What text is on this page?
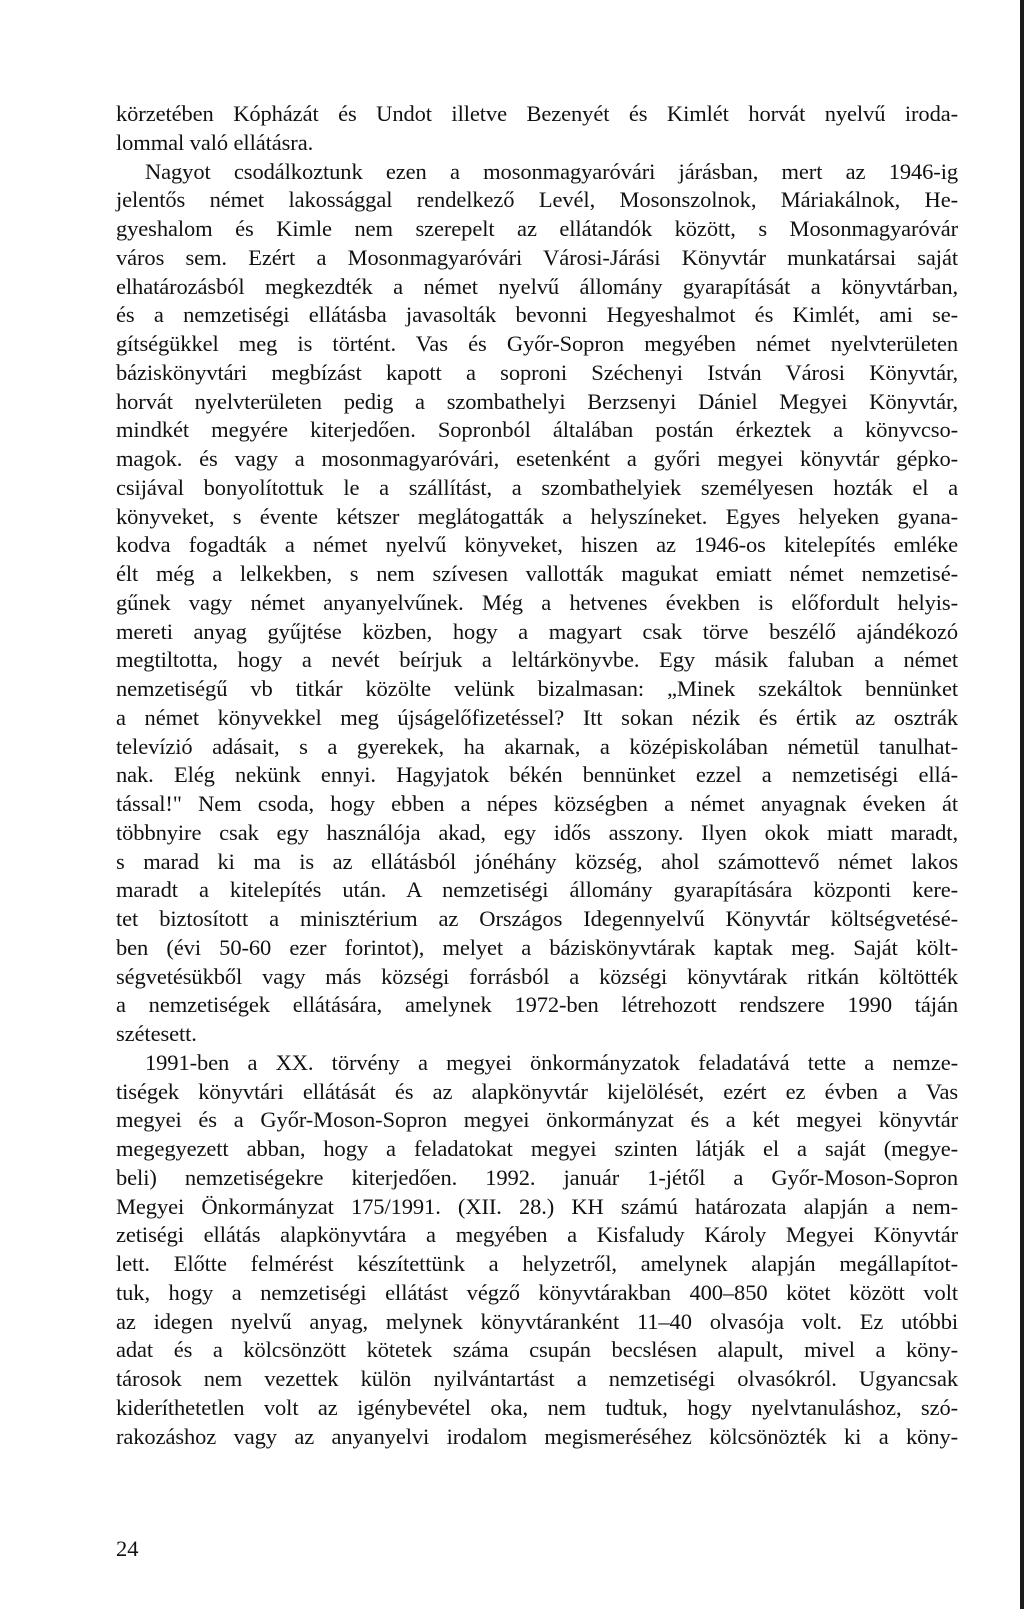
körzetében Kópházát és Undot illetve Bezenyét és Kimlét horvát nyelvű iroda-
lommal való ellátásra.
Nagyot csodálkoztunk ezen a mosonmagyaróvári járásban, mert az 1946-ig
jelentős német lakossággal rendelkező Levél, Mosonszolnok, Máriakálnok, He-
gyeshalom és Kimle nem szerepelt az ellátandók között, s Mosonmagyaróvár
város sem. Ezért a Mosonmagyaróvári Városi-Járási Könyvtár munkatársai saját
elhatározásból megkezdték a német nyelvű állomány gyarapítását a könyvtárban,
és a nemzetiségi ellátásba javasolták bevonni Hegyeshalmot és Kimlét, ami se-
gítségükkel meg is történt. Vas és Győr-Sopron megyében német nyelvterületen
báziskönyvtári megbízást kapott a soproni Széchenyi István Városi Könyvtár,
horvát nyelvterületen pedig a szombathelyi Berzsenyi Dániel Megyei Könyvtár,
mindkét megyére kiterjedően. Sopronból általában postán érkeztek a könyvcso-
magok. és vagy a mosonmagyaróvári, esetenként a győri megyei könyvtár gépko-
csijával bonyolítottuk le a szállítást, a szombathelyiek személyesen hozták el a
könyveket, s évente kétszer meglátogatták a helyszíneket. Egyes helyeken gyana-
kodva fogadták a német nyelvű könyveket, hiszen az 1946-os kitelepítés emléke
élt még a lelkekben, s nem szívesen vallották magukat emiatt német nemzetisé-
gűnek vagy német anyanyelvűnek. Még a hetvenes években is előfordult helyis-
mereti anyag gyűjtése közben, hogy a magyart csak törve beszélő ajándékozó
megtiltotta, hogy a nevét beírjuk a leltárkönyvbe. Egy másik faluban a német
nemzetiségű vb titkár közölte velünk bizalmasan: „Minek szekáltok bennünket
a német könyvekkel meg újságelőfizetéssel? Itt sokan nézik és értik az osztrák
televízió adásait, s a gyerekek, ha akarnak, a középiskolában németül tanulhat-
nak. Elég nekünk ennyi. Hagyjatok békén bennünket ezzel a nemzetiségi ellá-
tással!" Nem csoda, hogy ebben a népes községben a német anyagnak éveken át
többnyire csak egy használója akad, egy idős asszony. Ilyen okok miatt maradt,
s marad ki ma is az ellátásból jónéhány község, ahol számottevő német lakos
maradt a kitelepítés után. A nemzetiségi állomány gyarapítására központi kere-
tet biztosított a minisztérium az Országos Idegennyelvű Könyvtár költségvetésé-
ben (évi 50-60 ezer forintot), melyet a báziskönyvtárak kaptak meg. Saját költ-
ségvetésükből vagy más községi forrásból a községi könyvtárak ritkán költötték
a nemzetiségek ellátására, amelynek 1972-ben létrehozott rendszere 1990 táján
szétesett.
1991-ben a XX. törvény a megyei önkormányzatok feladatává tette a nemze-
tiségek könyvtári ellátását és az alapkönyvtár kijelölését, ezért ez évben a Vas
megyei és a Győr-Moson-Sopron megyei önkormányzat és a két megyei könyvtár
megegyezett abban, hogy a feladatokat megyei szinten látják el a saját (megye-
beli) nemzetiségekre kiterjedően. 1992. január 1-jétől a Győr-Moson-Sopron
Megyei Önkormányzat 175/1991. (XII. 28.) KH számú határozata alapján a nem-
zetiségi ellátás alapkönyvtára a megyében a Kisfaludy Károly Megyei Könyvtár
lett. Előtte felmérést készítettünk a helyzetről, amelynek alapján megállapítot-
tuk, hogy a nemzetiségi ellátást végző könyvtárakban 400–850 kötet között volt
az idegen nyelvű anyag, melynek könyvtáranként 11–40 olvasója volt. Ez utóbbi
adat és a kölcsönzött kötetek száma csupán becslésen alapult, mivel a köny-
tárosok nem vezettek külön nyilvántartást a nemzetiségi olvasókról. Ugyancsak
kideríthetetlen volt az igénybevétel oka, nem tudtuk, hogy nyelvtanuláshoz, szó-
rakozáshoz vagy az anyanyelvi irodalom megismeréséhez kölcsönözték ki a köny-
24
